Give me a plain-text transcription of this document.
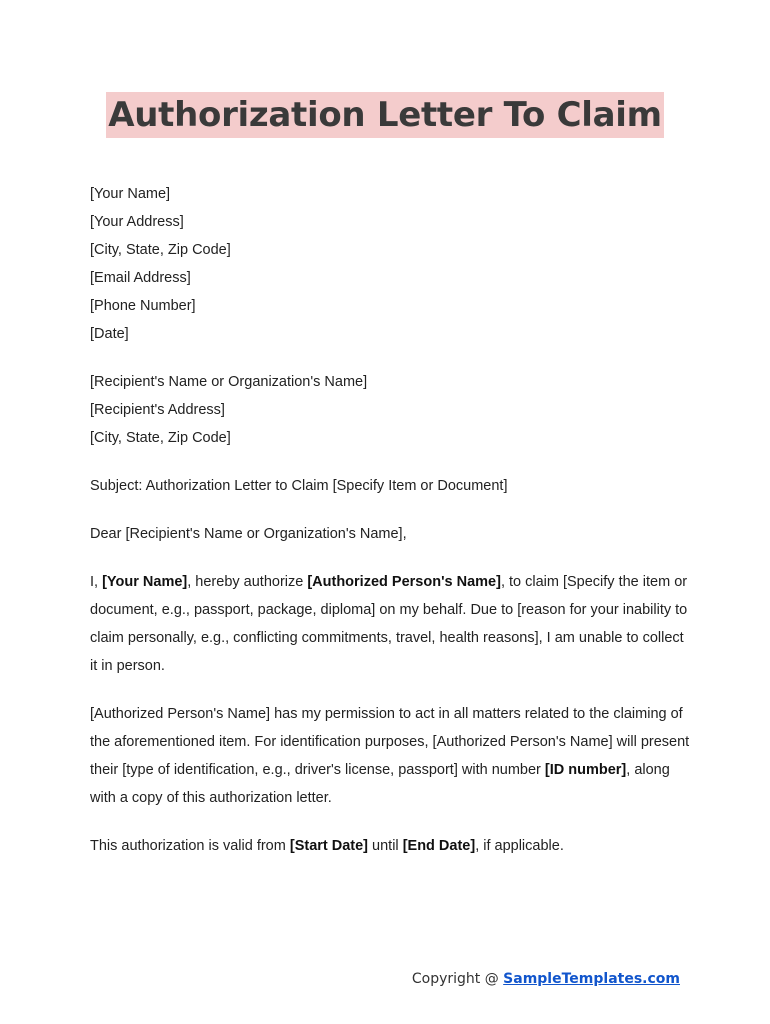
Authorization Letter To Claim
[Your Name]
[Your Address]
[City, State, Zip Code]
[Email Address]
[Phone Number]
[Date]
[Recipient's Name or Organization's Name]
[Recipient's Address]
[City, State, Zip Code]
Subject: Authorization Letter to Claim [Specify Item or Document]
Dear [Recipient's Name or Organization's Name],
I, [Your Name], hereby authorize [Authorized Person's Name], to claim [Specify the item or document, e.g., passport, package, diploma] on my behalf. Due to [reason for your inability to claim personally, e.g., conflicting commitments, travel, health reasons], I am unable to collect it in person.
[Authorized Person's Name] has my permission to act in all matters related to the claiming of the aforementioned item. For identification purposes, [Authorized Person's Name] will present their [type of identification, e.g., driver's license, passport] with number [ID number], along with a copy of this authorization letter.
This authorization is valid from [Start Date] until [End Date], if applicable.
Copyright @ SampleTemplates.com
